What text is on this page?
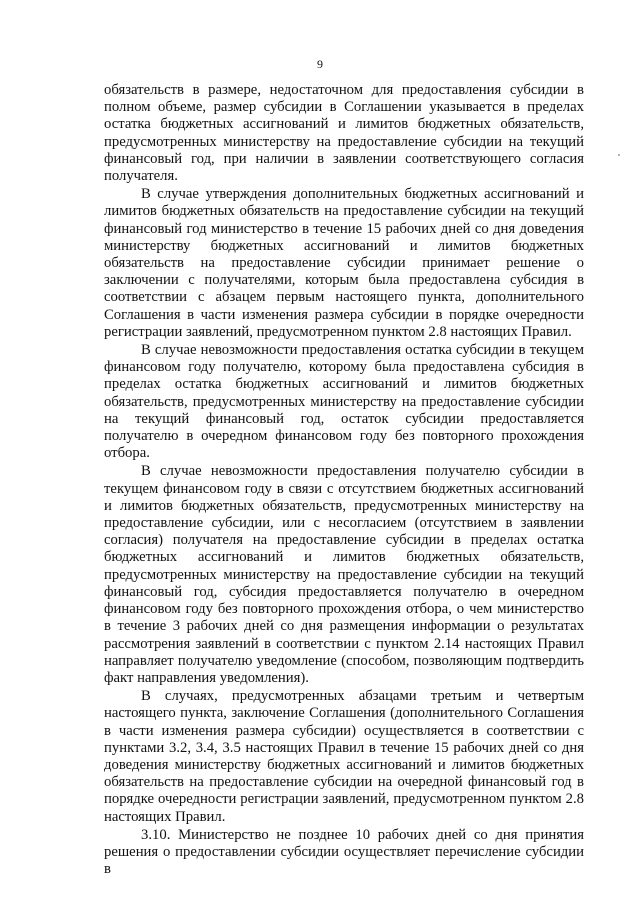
9

обязательств в размере, недостаточном для предоставления субсидии в полном объеме, размер субсидии в Соглашении указывается в пределах остатка бюджетных ассигнований и лимитов бюджетных обязательств, предусмотренных министерству на предоставление субсидии на текущий финансовый год, при наличии в заявлении соответствующего согласия получателя.

В случае утверждения дополнительных бюджетных ассигнований и лимитов бюджетных обязательств на предоставление субсидии на текущий финансовый год министерство в течение 15 рабочих дней со дня доведения министерству бюджетных ассигнований и лимитов бюджетных обязательств на предоставление субсидии принимает решение о заключении с получателями, которым была предоставлена субсидия в соответствии с абзацем первым настоящего пункта, дополнительного Соглашения в части изменения размера субсидии в порядке очередности регистрации заявлений, предусмотренном пунктом 2.8 настоящих Правил.

В случае невозможности предоставления остатка субсидии в текущем финансовом году получателю, которому была предоставлена субсидия в пределах остатка бюджетных ассигнований и лимитов бюджетных обязательств, предусмотренных министерству на предоставление субсидии на текущий финансовый год, остаток субсидии предоставляется получателю в очередном финансовом году без повторного прохождения отбора.

В случае невозможности предоставления получателю субсидии в текущем финансовом году в связи с отсутствием бюджетных ассигнований и лимитов бюджетных обязательств, предусмотренных министерству на предоставление субсидии, или с несогласием (отсутствием в заявлении согласия) получателя на предоставление субсидии в пределах остатка бюджетных ассигнований и лимитов бюджетных обязательств, предусмотренных министерству на предоставление субсидии на текущий финансовый год, субсидия предоставляется получателю в очередном финансовом году без повторного прохождения отбора, о чем министерство в течение 3 рабочих дней со дня размещения информации о результатах рассмотрения заявлений в соответствии с пунктом 2.14 настоящих Правил направляет получателю уведомление (способом, позволяющим подтвердить факт направления уведомления).

В случаях, предусмотренных абзацами третьим и четвертым настоящего пункта, заключение Соглашения (дополнительного Соглашения в части изменения размера субсидии) осуществляется в соответствии с пунктами 3.2, 3.4, 3.5 настоящих Правил в течение 15 рабочих дней со дня доведения министерству бюджетных ассигнований и лимитов бюджетных обязательств на предоставление субсидии на очередной финансовый год в порядке очередности регистрации заявлений, предусмотренном пунктом 2.8 настоящих Правил.

3.10. Министерство не позднее 10 рабочих дней со дня принятия решения о предоставлении субсидии осуществляет перечисление субсидии в
